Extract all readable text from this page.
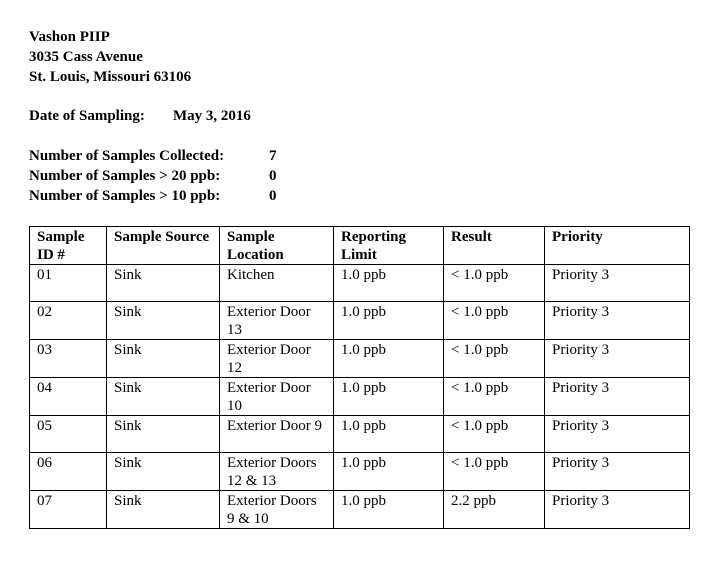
Vashon PIIP
3035 Cass Avenue
St. Louis, Missouri 63106
Date of Sampling: May 3, 2016
Number of Samples Collected:	7
Number of Samples > 20 ppb:	0
Number of Samples > 10 ppb:	0
Sample ID #	Sample Source	Sample Location	Reporting Limit	Result	Priority
01	Sink	Kitchen	1.0 ppb	< 1.0 ppb	Priority 3
02	Sink	Exterior Door 13	1.0 ppb	< 1.0 ppb	Priority 3
03	Sink	Exterior Door 12	1.0 ppb	< 1.0 ppb	Priority 3
04	Sink	Exterior Door 10	1.0 ppb	< 1.0 ppb	Priority 3
05	Sink	Exterior Door 9	1.0 ppb	< 1.0 ppb	Priority 3
06	Sink	Exterior Doors 12 & 13	1.0 ppb	< 1.0 ppb	Priority 3
07	Sink	Exterior Doors 9 & 10	1.0 ppb	2.2 ppb	Priority 3
